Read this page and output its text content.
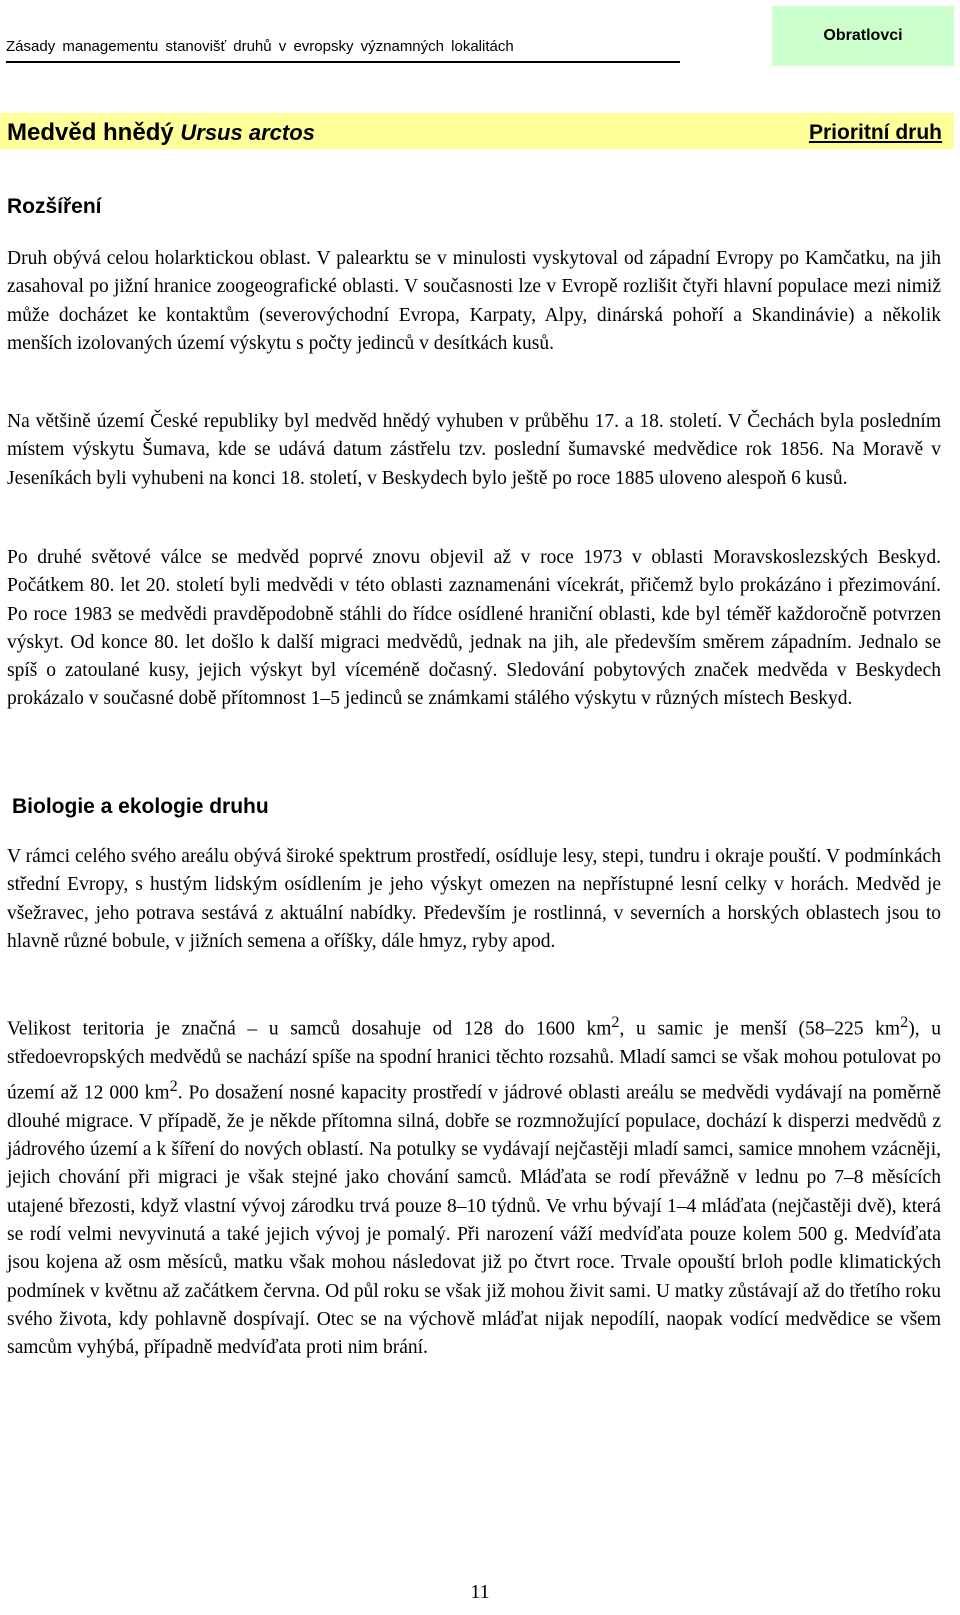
Zásady managementu stanovišť druhů v evropsky významných lokalitách
Obratlovci
Medvěd hnědý Ursus arctos	Prioritní druh
Rozšíření

Druh obývá celou holarktickou oblast. V palearktu se v minulosti vyskytoval od západní Evropy po Kamčatku, na jih zasahoval po jižní hranice zoogeografické oblasti. V současnosti lze v Evropě rozlišit čtyři hlavní populace mezi nimiž může docházet ke kontaktům (severovýchodní Evropa, Karpaty, Alpy, dinárská pohoří a Skandinávie) a několik menších izolovaných území výskytu s počty jedinců v desítkách kusů.

Na většině území České republiky byl medvěd hnědý vyhuben v průběhu 17. a 18. století. V Čechách byla posledním místem výskytu Šumava, kde se udává datum zástřelu tzv. poslední šumavské medvědice rok 1856. Na Moravě v Jeseníkách byli vyhubeni na konci 18. století, v Beskydech bylo ještě po roce 1885 uloveno alespoň 6 kusů.

Po druhé světové válce se medvěd poprvé znovu objevil až v roce 1973 v oblasti Moravskoslezských Beskyd. Počátkem 80. let 20. století byli medvědi v této oblasti zaznamenáni vícekrát, přičemž bylo prokázáno i přezimování. Po roce 1983 se medvědi pravděpodobně stáhli do řídce osídlené hraniční oblasti, kde byl téměř každoročně potvrzen výskyt. Od konce 80. let došlo k další migraci medvědů, jednak na jih, ale především směrem západním. Jednalo se spíš o zatoulané kusy, jejich výskyt byl víceméně dočasný. Sledování pobytových značek medvěda v Beskydech prokázalo v současné době přítomnost 1–5 jedinců se známkami stálého výskytu v různých místech Beskyd.

Biologie a ekologie druhu

V rámci celého svého areálu obývá široké spektrum prostředí, osídluje lesy, stepi, tundru i okraje pouští. V podmínkách střední Evropy, s hustým lidským osídlením je jeho výskyt omezen na nepřístupné lesní celky v horách. Medvěd je všežravec, jeho potrava sestává z aktuální nabídky. Především je rostlinná, v severních a horských oblastech jsou to hlavně různé bobule, v jižních semena a oříšky, dále hmyz, ryby apod.

Velikost teritoria je značná – u samců dosahuje od 128 do 1600 $km^2$, u samic je menší (58–225 $km^2$), u středoevropských medvědů se nachází spíše na spodní hranici těchto rozsahů. Mladí samci se však mohou potulovat po území až 12 000 $km^2$. Po dosažení nosné kapacity prostředí v jádrové oblasti areálu se medvědi vydávají na poměrně dlouhé migrace. V případě, že je někde přítomna silná, dobře se rozmnožující populace, dochází k disperzi medvědů z jádrového území a k šíření do nových oblastí. Na potulky se vydávají nejčastěji mladí samci, samice mnohem vzácněji, jejich chování při migraci je však stejné jako chování samců. Mláďata se rodí převážně v lednu po 7–8 měsících utajené březosti, když vlastní vývoj zárodku trvá pouze 8–10 týdnů. Ve vrhu bývají 1–4 mláďata (nejčastěji dvě), která se rodí velmi nevyvinutá a také jejich vývoj je pomalý. Při narození váží medvíďata pouze kolem 500 g. Medvíďata jsou kojena až osm měsíců, matku však mohou následovat již po čtvrt roce. Trvale opouští brloh podle klimatických podmínek v květnu až začátkem června. Od půl roku se však již mohou živit sami. U matky zůstávají až do třetího roku svého života, kdy pohlavně dospívají. Otec se na výchově mláďat nijak nepodílí, naopak vodící medvědice se všem samcům vyhýbá, případně medvíďata proti nim brání.

11
